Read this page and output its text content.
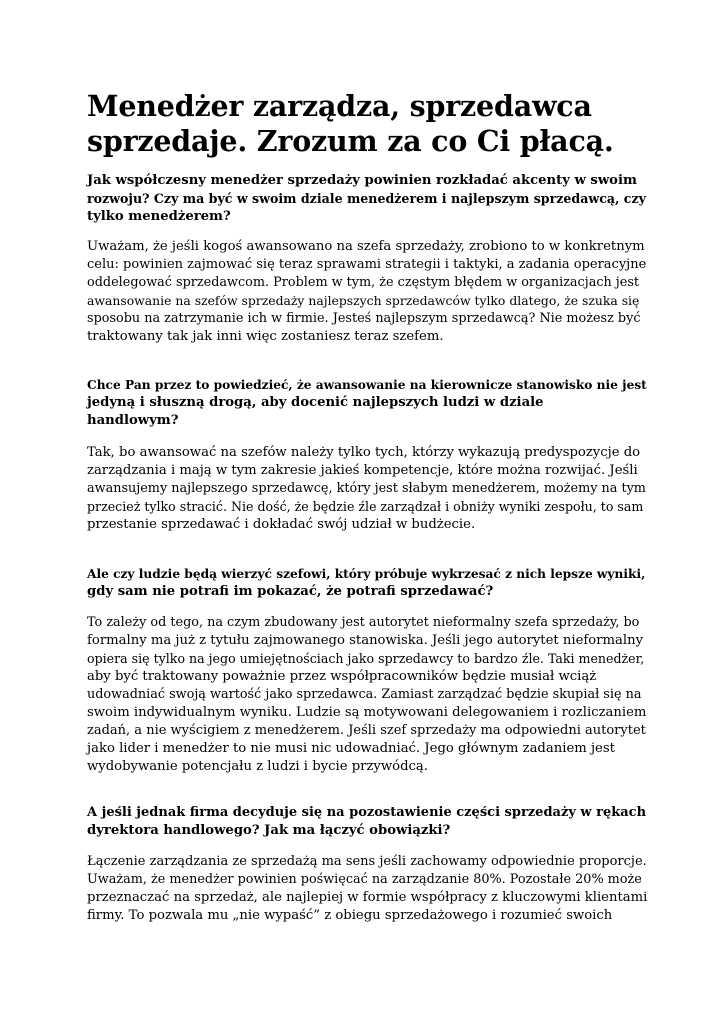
Menedżer zarządza, sprzedawca
sprzedaje. Zrozum za co Ci płacą.
Jak współczesny menedżer sprzedaży powinien rozkładać akcenty w swoim
rozwoju? Czy ma być w swoim dziale menedżerem i najlepszym sprzedawcą, czy
tylko menedżerem?
Uważam, że jeśli kogoś awansowano na szefa sprzedaży, zrobiono to w konkretnym
celu: powinien zajmować się teraz sprawami strategii i taktyki, a zadania operacyjne
oddelegować sprzedawcom. Problem w tym, że częstym błędem w organizacjach jest
awansowanie na szefów sprzedaży najlepszych sprzedawców tylko dlatego, że szuka się
sposobu na zatrzymanie ich w firmie. Jesteś najlepszym sprzedawcą? Nie możesz być
traktowany tak jak inni więc zostaniesz teraz szefem.
Chce Pan przez to powiedzieć, że awansowanie na kierownicze stanowisko nie jest
jedyną i słuszną drogą, aby docenić najlepszych ludzi w dziale
handlowym?
Tak, bo awansować na szefów należy tylko tych, którzy wykazują predyspozycje do
zarządzania i mają w tym zakresie jakieś kompetencje, które można rozwijać. Jeśli
awansujemy najlepszego sprzedawcę, który jest słabym menedżerem, możemy na tym
przecież tylko stracić. Nie dość, że będzie źle zarządzał i obniży wyniki zespołu, to sam
przestanie sprzedawać i dokładać swój udział w budżecie.
Ale czy ludzie będą wierzyć szefowi, który próbuje wykrzesać z nich lepsze wyniki,
gdy sam nie potrafi im pokazać, że potrafi sprzedawać?
To zależy od tego, na czym zbudowany jest autorytet nieformalny szefa sprzedaży, bo
formalny ma już z tytułu zajmowanego stanowiska. Jeśli jego autorytet nieformalny
opiera się tylko na jego umiejętnościach jako sprzedawcy to bardzo źle. Taki menedżer,
aby być traktowany poważnie przez współpracowników będzie musiał wciąż
udowadniać swoją wartość jako sprzedawca. Zamiast zarządzać będzie skupiał się na
swoim indywidualnym wyniku. Ludzie są motywowani delegowaniem i rozliczaniem
zadań, a nie wyścigiem z menedżerem. Jeśli szef sprzedaży ma odpowiedni autorytet
jako lider i menedżer to nie musi nic udowadniać. Jego głównym zadaniem jest
wydobywanie potencjału z ludzi i bycie przywódcą.
A jeśli jednak firma decyduje się na pozostawienie części sprzedaży w rękach
dyrektora handlowego? Jak ma łączyć obowiązki?
Łączenie zarządzania ze sprzedażą ma sens jeśli zachowamy odpowiednie proporcje.
Uważam, że menedżer powinien poświęcać na zarządzanie 80%. Pozostałe 20% może
przeznaczać na sprzedaż, ale najlepiej w formie współpracy z kluczowymi klientami
firmy. To pozwala mu „nie wypaść” z obiegu sprzedażowego i rozumieć swoich
